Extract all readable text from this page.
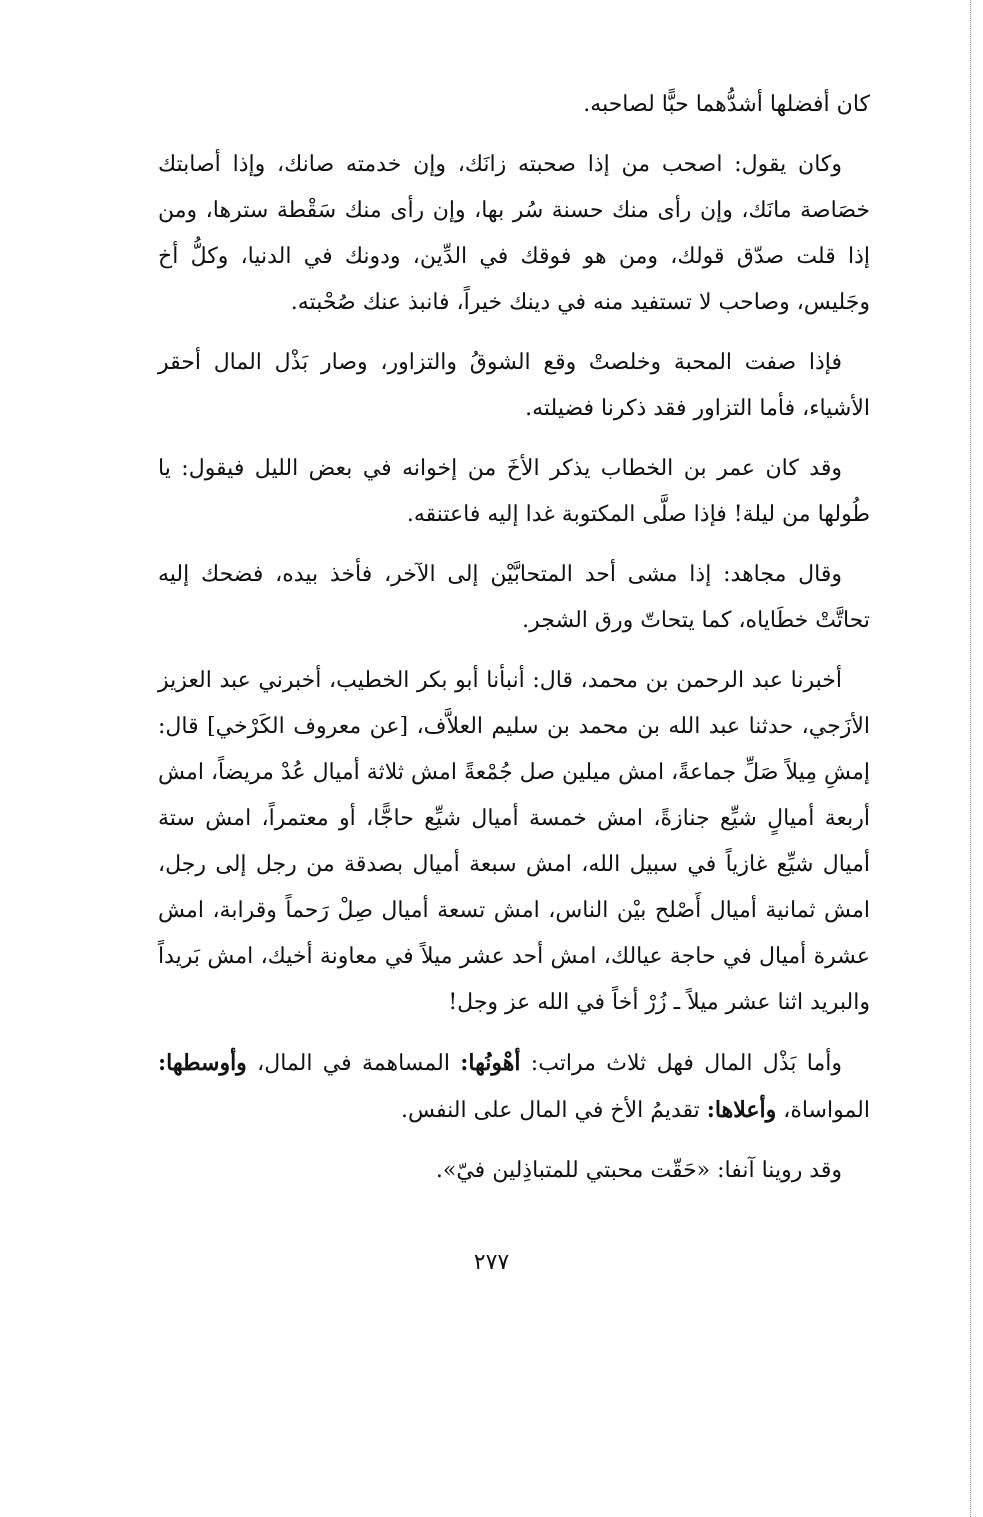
كان أفضلها أشدُّهما حبًّا لصاحبه.

وكان يقول: اصحب من إذا صحبته زانَك، وإن خدمته صانك، وإذا أصابتك خصَاصة مانَك، وإن رأى منك حسنة سُر بها، وإن رأى منك سَقْطة سترها، ومن إذا قلت صدّق قولك، ومن هو فوقك في الدِّين، ودونك في الدنيا، وكلُّ أخ وجَليس، وصاحب لا تستفيد منه في دينك خيراً، فانبذ عنك صُحْبته.

فإذا صفت المحبة وخلصتْ وقع الشوقُ والتزاور، وصار بَذْل المال أحقر الأشياء، فأما التزاور فقد ذكرنا فضيلته.

وقد كان عمر بن الخطاب يذكر الأخَ من إخوانه في بعض الليل فيقول: يا طُولها من ليلة! فإذا صلَّى المكتوبة غدا إليه فاعتنقه.

وقال مجاهد: إذا مشى أحد المتحابَّيْن إلى الآخر، فأخذ بيده، فضحك إليه تحاتَّتْ خطَاياه، كما يتحاتّ ورق الشجر.

أخبرنا عبد الرحمن بن محمد، قال: أنبأنا أبو بكر الخطيب، أخبرني عبد العزيز الأزَجي، حدثنا عبد الله بن محمد بن سليم العلاَّف، [عن معروف الكَرْخي] قال: إمشِ مِيلاً صَلِّ جماعةً، امش ميلين صل جُمْعةً امش ثلاثة أميال عُدْ مريضاً، امش أربعة أميالٍ شيِّع جنازةً، امش خمسة أميال شيِّع حاجًّا، أو معتمراً، امش ستة أميال شيِّع غازياً في سبيل الله، امش سبعة أميال بصدقة من رجل إلى رجل، امش ثمانية أميال أَصْلح بيْن الناس، امش تسعة أميال صِلْ رَحماً وقرابة، امش عشرة أميال في حاجة عيالك، امش أحد عشر ميلاً في معاونة أخيك، امش بَريداً والبريد اثنا عشر ميلاً ـ زُرْ أخاً في الله عز وجل!

وأما بَذْل المال فهل ثلاث مراتب: أهْونُها: المساهمة في المال، وأوسطها: المواساة، وأعلاها: تقديمُ الأخ في المال على النفس.

وقد روينا آنفا: «حَقّت محبتي للمتباذِلين فيّ».

٢٧٧
